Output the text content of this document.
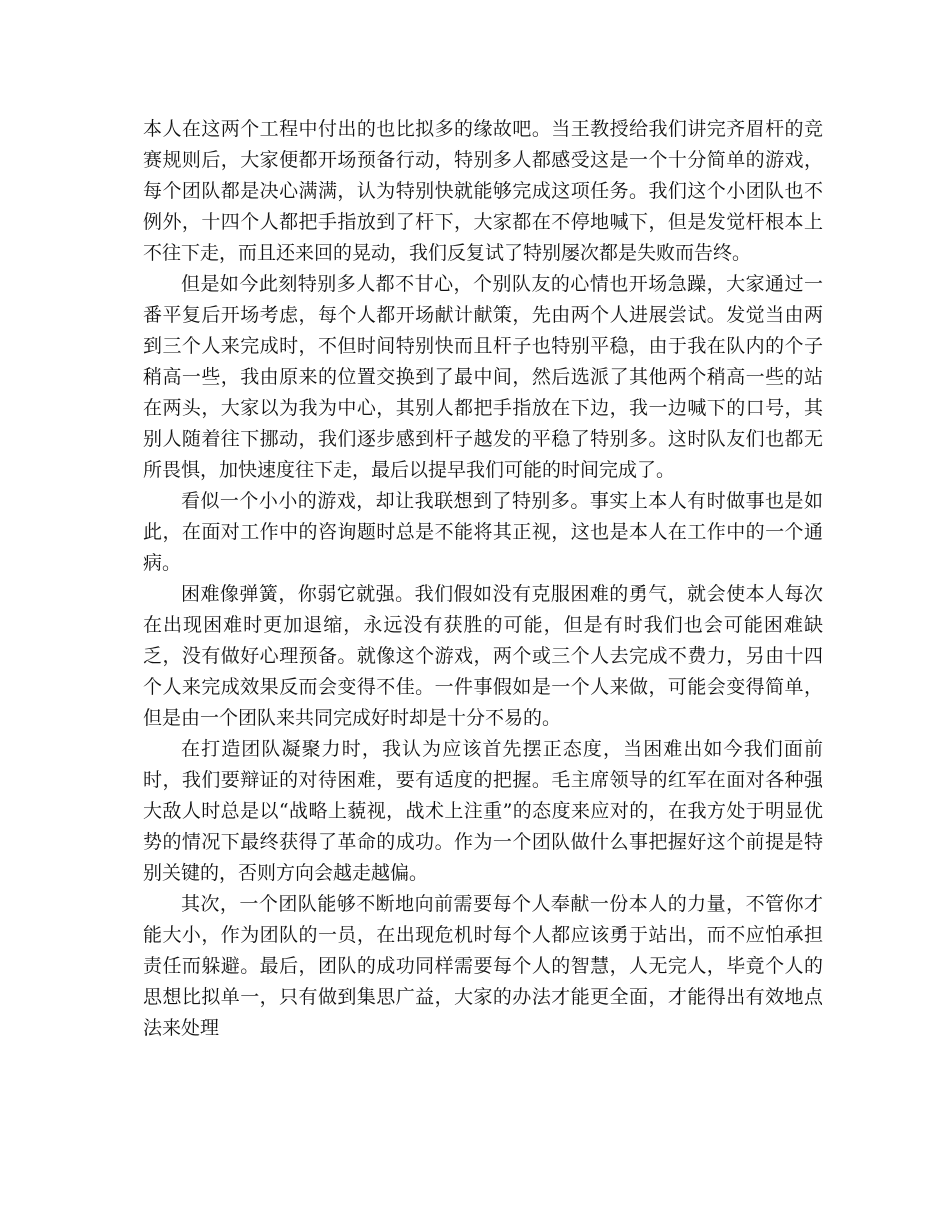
本人在这两个工程中付出的也比拟多的缘故吧。当王教授给我们讲完齐眉杆的竞赛规则后，大家便都开场预备行动，特别多人都感受这是一个十分简单的游戏，每个团队都是决心满满，认为特别快就能够完成这项任务。我们这个小团队也不例外，十四个人都把手指放到了杆下，大家都在不停地喊下，但是发觉杆根本上不往下走，而且还来回的晃动，我们反复试了特别屡次都是失败而告终。

但是如今此刻特别多人都不甘心，个别队友的心情也开场急躁，大家通过一番平复后开场考虑，每个人都开场献计献策，先由两个人进展尝试。发觉当由两到三个人来完成时，不但时间特别快而且杆子也特别平稳，由于我在队内的个子稍高一些，我由原来的位置交换到了最中间，然后选派了其他两个稍高一些的站在两头，大家以为我为中心，其别人都把手指放在下边，我一边喊下的口号，其别人随着往下挪动，我们逐步感到杆子越发的平稳了特别多。这时队友们也都无所畏惧，加快速度往下走，最后以提早我们可能的时间完成了。

看似一个小小的游戏，却让我联想到了特别多。事实上本人有时做事也是如此，在面对工作中的咨询题时总是不能将其正视，这也是本人在工作中的一个通病。

困难像弹簧，你弱它就强。我们假如没有克服困难的勇气，就会使本人每次在出现困难时更加退缩，永远没有获胜的可能，但是有时我们也会可能困难缺乏，没有做好心理预备。就像这个游戏，两个或三个人去完成不费力，另由十四个人来完成效果反而会变得不佳。一件事假如是一个人来做，可能会变得简单，但是由一个团队来共同完成好时却是十分不易的。

在打造团队凝聚力时，我认为应该首先摆正态度，当困难出如今我们面前时，我们要辩证的对待困难，要有适度的把握。毛主席领导的红军在面对各种强大敌人时总是以“战略上藐视，战术上注重”的态度来应对的，在我方处于明显优势的情况下最终获得了革命的成功。作为一个团队做什么事把握好这个前提是特别关键的，否则方向会越走越偏。

其次，一个团队能够不断地向前需要每个人奉献一份本人的力量，不管你才能大小，作为团队的一员，在出现危机时每个人都应该勇于站出，而不应怕承担责任而躲避。最后，团队的成功同样需要每个人的智慧，人无完人，毕竟个人的思想比拟单一，只有做到集思广益，大家的办法才能更全面，才能得出有效地点法来处理
